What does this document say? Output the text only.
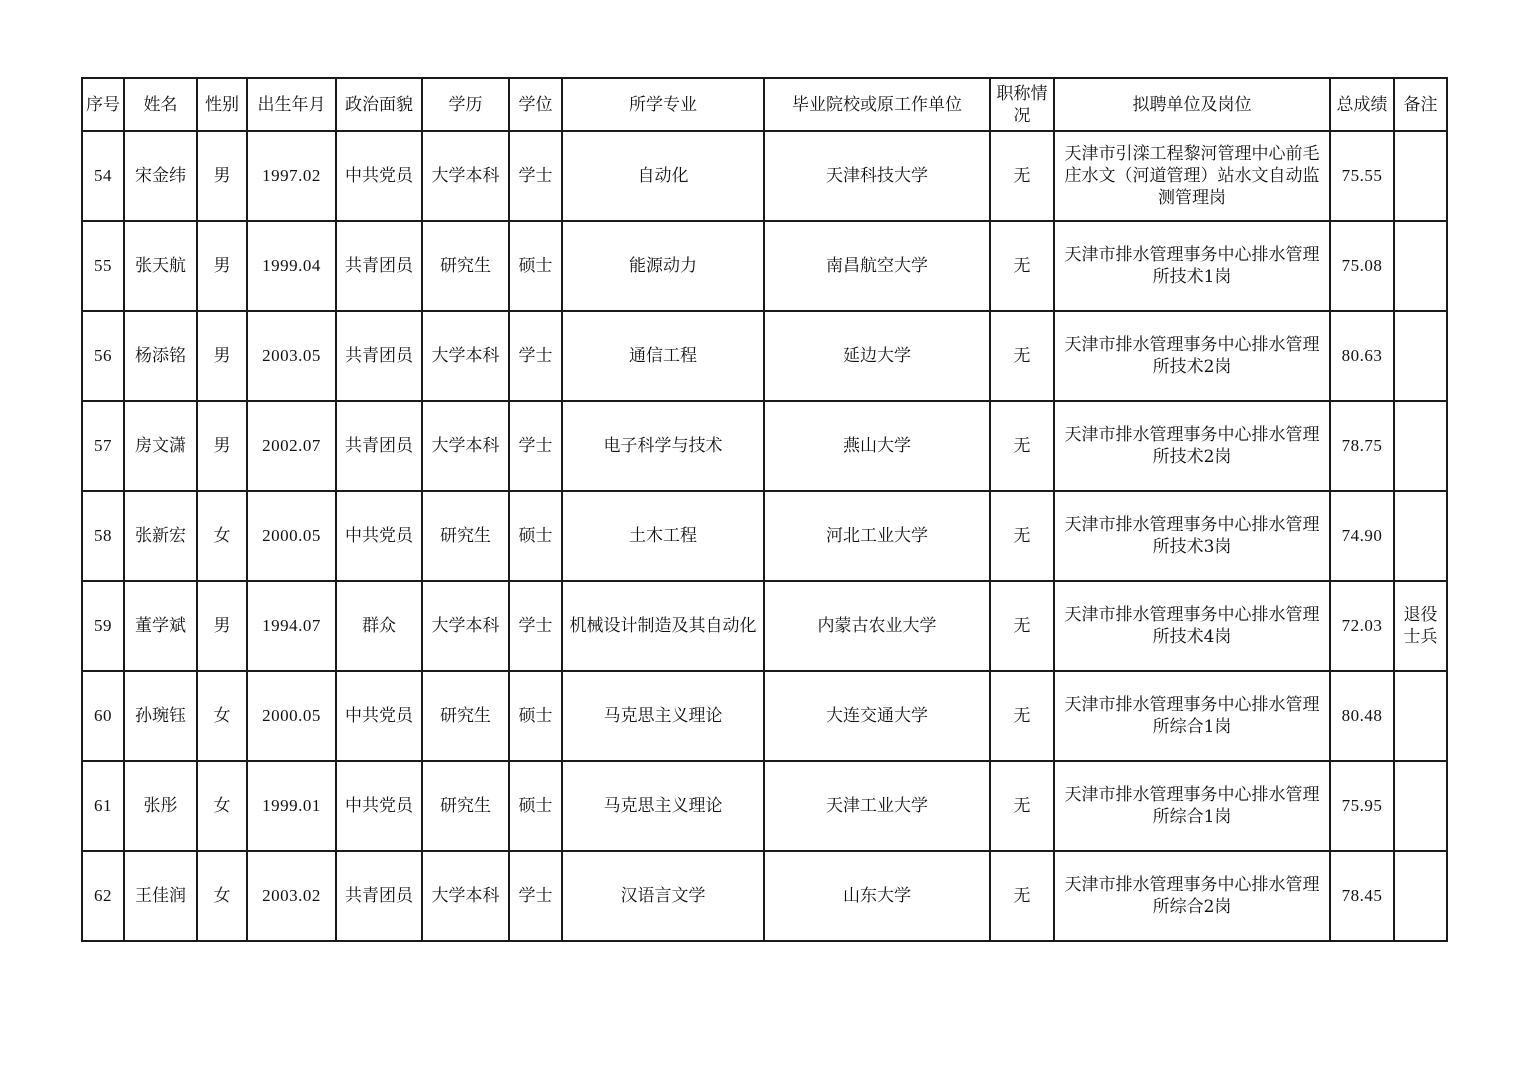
序号	姓名	性别	出生年月	政治面貌	学历	学位	所学专业	毕业院校或原工作单位	职称情况	拟聘单位及岗位	总成绩	备注
54	宋金纬	男	1997.02	中共党员	大学本科	学士	自动化	天津科技大学	无	天津市引滦工程黎河管理中心前毛庄水文（河道管理）站水文自动监测管理岗	75.55	
55	张天航	男	1999.04	共青团员	研究生	硕士	能源动力	南昌航空大学	无	天津市排水管理事务中心排水管理所技术1岗	75.08	
56	杨添铭	男	2003.05	共青团员	大学本科	学士	通信工程	延边大学	无	天津市排水管理事务中心排水管理所技术2岗	80.63	
57	房文潇	男	2002.07	共青团员	大学本科	学士	电子科学与技术	燕山大学	无	天津市排水管理事务中心排水管理所技术2岗	78.75	
58	张新宏	女	2000.05	中共党员	研究生	硕士	土木工程	河北工业大学	无	天津市排水管理事务中心排水管理所技术3岗	74.90	
59	董学斌	男	1994.07	群众	大学本科	学士	机械设计制造及其自动化	内蒙古农业大学	无	天津市排水管理事务中心排水管理所技术4岗	72.03	退役士兵
60	孙琬钰	女	2000.05	中共党员	研究生	硕士	马克思主义理论	大连交通大学	无	天津市排水管理事务中心排水管理所综合1岗	80.48	
61	张彤	女	1999.01	中共党员	研究生	硕士	马克思主义理论	天津工业大学	无	天津市排水管理事务中心排水管理所综合1岗	75.95	
62	王佳润	女	2003.02	共青团员	大学本科	学士	汉语言文学	山东大学	无	天津市排水管理事务中心排水管理所综合2岗	78.45	
